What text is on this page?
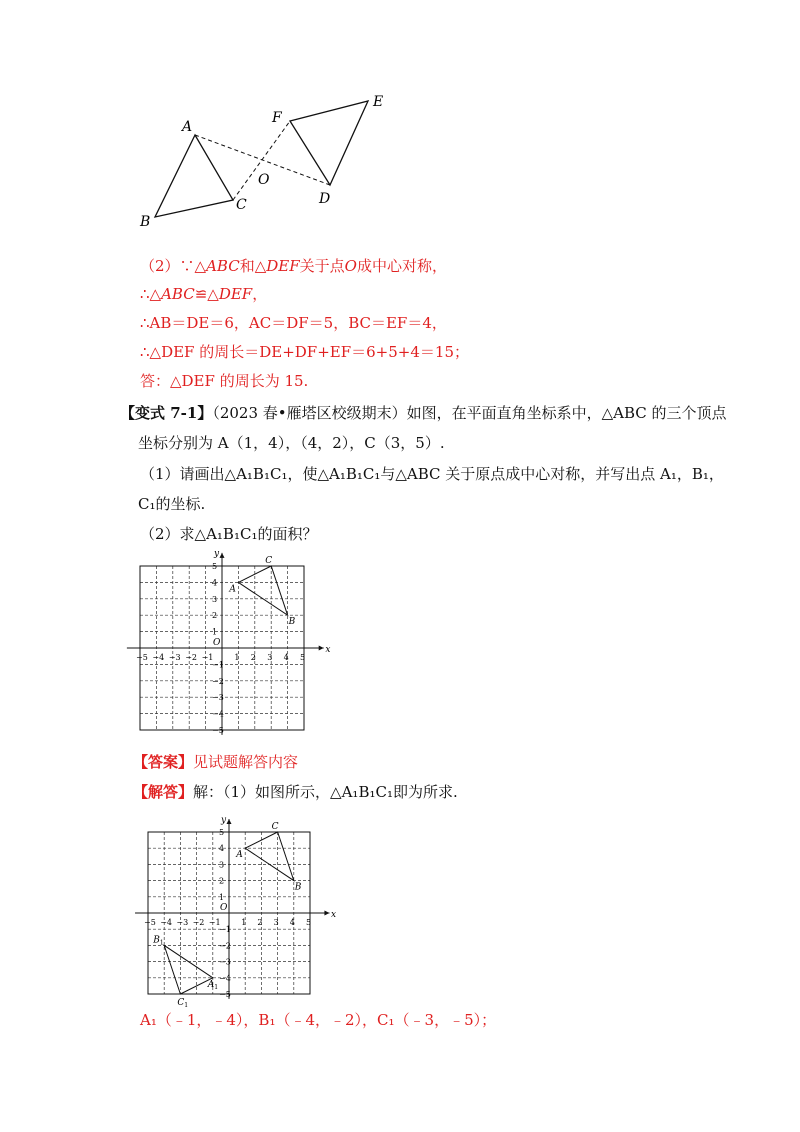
A
B
C	D
E
F
O
（2）∵△ABC和△DEF关于点O成中心对称，
∴△ABC≌△DEF，
∴AB＝DE＝6，AC＝DF＝5，BC＝EF＝4，
∴△DEF 的周长＝DE+DF+EF＝6+5+4＝15；
答：△DEF 的周长为 15.
【变式 7-1】（2023 春•雁塔区校级期末）如图，在平面直角坐标系中，△ABC 的三个顶点
坐标分别为 A（1，4），（4，2），C（3，5）.
（1）请画出△A₁B₁C₁，使△A₁B₁C₁与△ABC 关于原点成中心对称，并写出点 A₁，B₁，
C₁的坐标.
（2）求△A₁B₁C₁的面积？
x
y
O
−5 −4 −3 −2 −1	1 2 3 4 5
5
4
3
2
1
−1
−2
−3
−4
−5
A
B
C
【答案】见试题解答内容
【解答】解：（1）如图所示，△A₁B₁C₁即为所求.
x
y
O
−5 −4 −3 −2 −1	1 2 3 4 5
5
4
3
2
1
−1
−2
−3
−4
−5
A
B
C
$A_1$
$B_1$
$C_1$
A₁（﹣1，﹣4），B₁（﹣4，﹣2），C₁（﹣3，﹣5）；
